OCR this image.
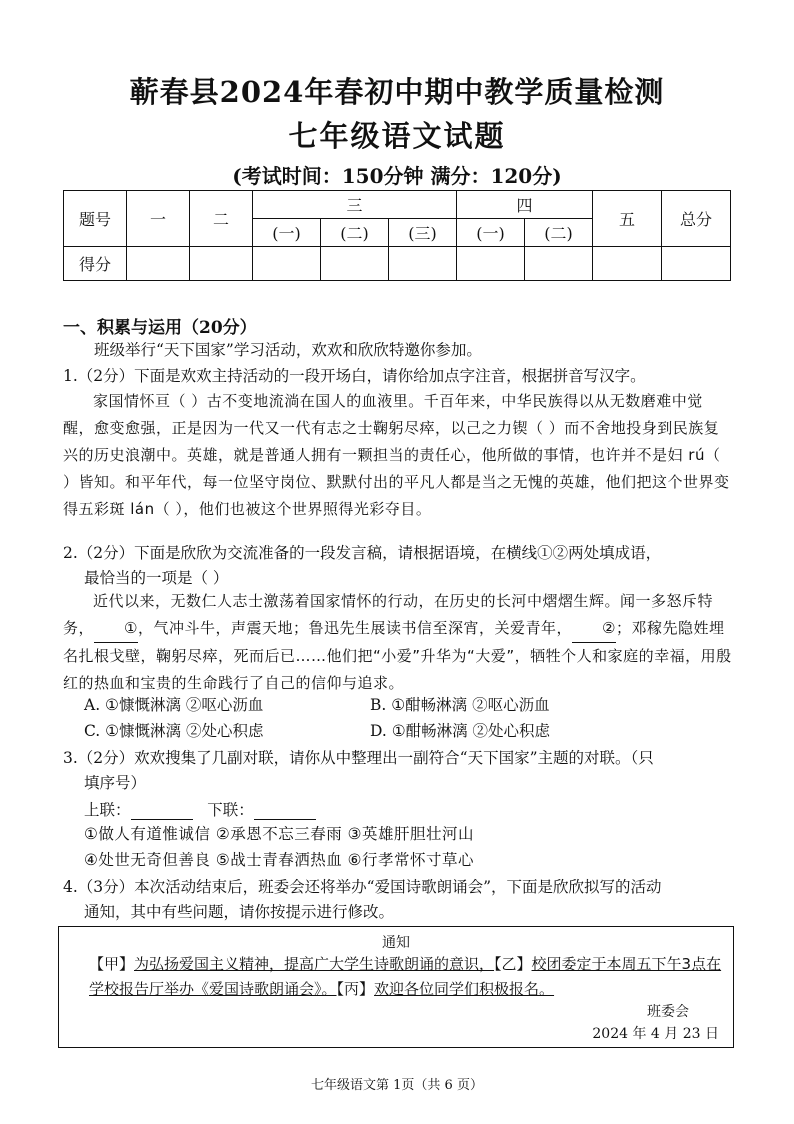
蕲春县2024年春初中期中教学质量检测
七年级语文试题
(考试时间：150分钟 满分：120分)
题号	一	二	三			四		五	总分
			(一)	(二)	(三)	(一)	(二)		
得分									
一、积累与运用（20分）
班级举行“天下国家”学习活动，欢欢和欣欣特邀你参加。
1.（2分）下面是欢欢主持活动的一段开场白，请你给加点字注音，根据拼音写汉字。
家国情怀亘（ ）古不变地流淌在国人的血液里。千百年来，中华民族得以从无数磨难中觉醒，愈变愈强，正是因为一代又一代有志之士鞠躬尽瘁，以己之力锲（ ）而不舍地投身到民族复兴的历史浪潮中。英雄，就是普通人拥有一颗担当的责任心，他所做的事情，也许并不是妇 rú（ ）皆知。和平年代，每一位坚守岗位、默默付出的平凡人都是当之无愧的英雄，他们把这个世界变得五彩斑 lán（ ），他们也被这个世界照得光彩夺目。
2.（2分）下面是欣欣为交流准备的一段发言稿，请根据语境，在横线①②两处填成语，
最恰当的一项是（ ）
近代以来，无数仁人志士激荡着国家情怀的行动，在历史的长河中熠熠生辉。闻一多怒斥特务， ①，气冲斗牛，声震天地；鲁迅先生展读书信至深宵，关爱青年， ②；邓稼先隐姓埋名扎根戈壁，鞠躬尽瘁，死而后已……他们把“小爱”升华为“大爱”，牺牲个人和家庭的幸福，用殷红的热血和宝贵的生命践行了自己的信仰与追求。
A. ①慷慨淋漓 ②呕心沥血	B. ①酣畅淋漓 ②呕心沥血
C. ①慷慨淋漓 ②处心积虑	D. ①酣畅淋漓 ②处心积虑
3.（2分）欢欢搜集了几副对联，请你从中整理出一副符合“天下国家”主题的对联。（只
填序号）
上联：	下联：
①做人有道惟诚信 ②承恩不忘三春雨 ③英雄肝胆壮河山
④处世无奇但善良 ⑤战士青春洒热血 ⑥行孝常怀寸草心
4.（3分）本次活动结束后，班委会还将举办“爱国诗歌朗诵会”，下面是欣欣拟写的活动
通知，其中有些问题，请你按提示进行修改。
通知
【甲】为弘扬爱国主义精神，提高广大学生诗歌朗诵的意识，【乙】校团委定于本周五下午3点在学校报告厅举办《爱国诗歌朗诵会》。【丙】欢迎各位同学们积极报名。
班委会
2024 年 4 月 23 日
七年级语文第 1页（共 6 页）
